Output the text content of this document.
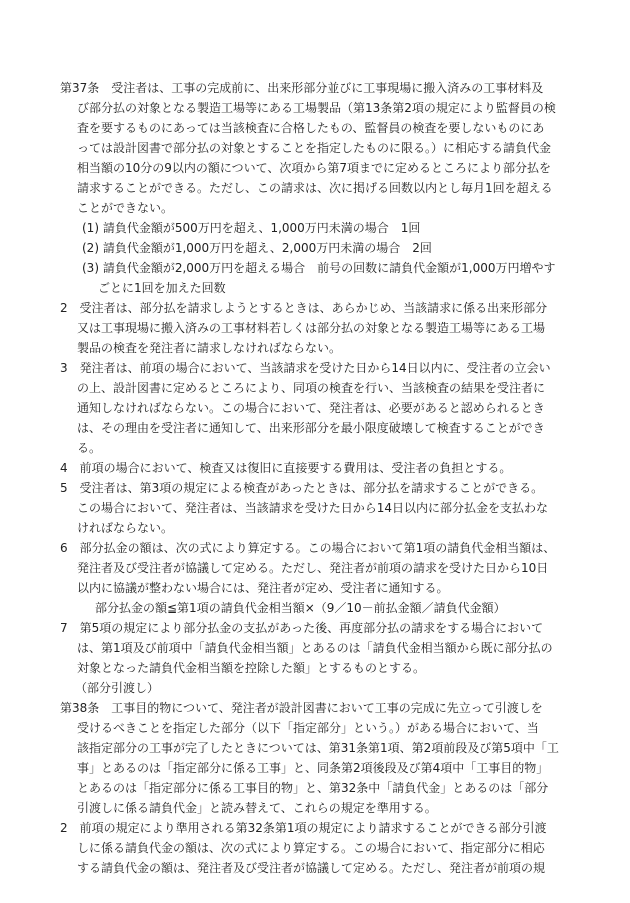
第37条　受注者は、工事の完成前に、出来形部分並びに工事現場に搬入済みの工事材料及
び部分払の対象となる製造工場等にある工場製品（第13条第2項の規定により監督員の検
査を要するものにあっては当該検査に合格したもの、監督員の検査を要しないものにあ
っては設計図書で部分払の対象とすることを指定したものに限る。）に相応する請負代金
相当額の10分の9以内の額について、次項から第7項までに定めるところにより部分払を
請求することができる。ただし、この請求は、次に掲げる回数以内とし毎月1回を超える
ことができない。
(1) 請負代金額が500万円を超え、1,000万円未満の場合　1回
(2) 請負代金額が1,000万円を超え、2,000万円未満の場合　2回
(3) 請負代金額が2,000万円を超える場合　前号の回数に請負代金額が1,000万円増やす
ごとに1回を加えた回数
2　受注者は、部分払を請求しようとするときは、あらかじめ、当該請求に係る出来形部分
又は工事現場に搬入済みの工事材料若しくは部分払の対象となる製造工場等にある工場
製品の検査を発注者に請求しなければならない。
3　発注者は、前項の場合において、当該請求を受けた日から14日以内に、受注者の立会い
の上、設計図書に定めるところにより、同項の検査を行い、当該検査の結果を受注者に
通知しなければならない。この場合において、発注者は、必要があると認められるとき
は、その理由を受注者に通知して、出来形部分を最小限度破壊して検査することができ
る。
4　前項の場合において、検査又は復旧に直接要する費用は、受注者の負担とする。
5　受注者は、第3項の規定による検査があったときは、部分払を請求することができる。
この場合において、発注者は、当該請求を受けた日から14日以内に部分払金を支払わな
ければならない。
6　部分払金の額は、次の式により算定する。この場合において第1項の請負代金相当額は、
発注者及び受注者が協議して定める。ただし、発注者が前項の請求を受けた日から10日
以内に協議が整わない場合には、発注者が定め、受注者に通知する。
部分払金の額≦第1項の請負代金相当額×（9／10－前払金額／請負代金額）
7　第5項の規定により部分払金の支払があった後、再度部分払の請求をする場合において
は、第1項及び前項中「請負代金相当額」とあるのは「請負代金相当額から既に部分払の
対象となった請負代金相当額を控除した額」とするものとする。
（部分引渡し）
第38条　工事目的物について、発注者が設計図書において工事の完成に先立って引渡しを
受けるべきことを指定した部分（以下「指定部分」という。）がある場合において、当
該指定部分の工事が完了したときについては、第31条第1項、第2項前段及び第5項中「工
事」とあるのは「指定部分に係る工事」と、同条第2項後段及び第4項中「工事目的物」
とあるのは「指定部分に係る工事目的物」と、第32条中「請負代金」とあるのは「部分
引渡しに係る請負代金」と読み替えて、これらの規定を準用する。
2　前項の規定により準用される第32条第1項の規定により請求することができる部分引渡
しに係る請負代金の額は、次の式により算定する。この場合において、指定部分に相応
する請負代金の額は、発注者及び受注者が協議して定める。ただし、発注者が前項の規
